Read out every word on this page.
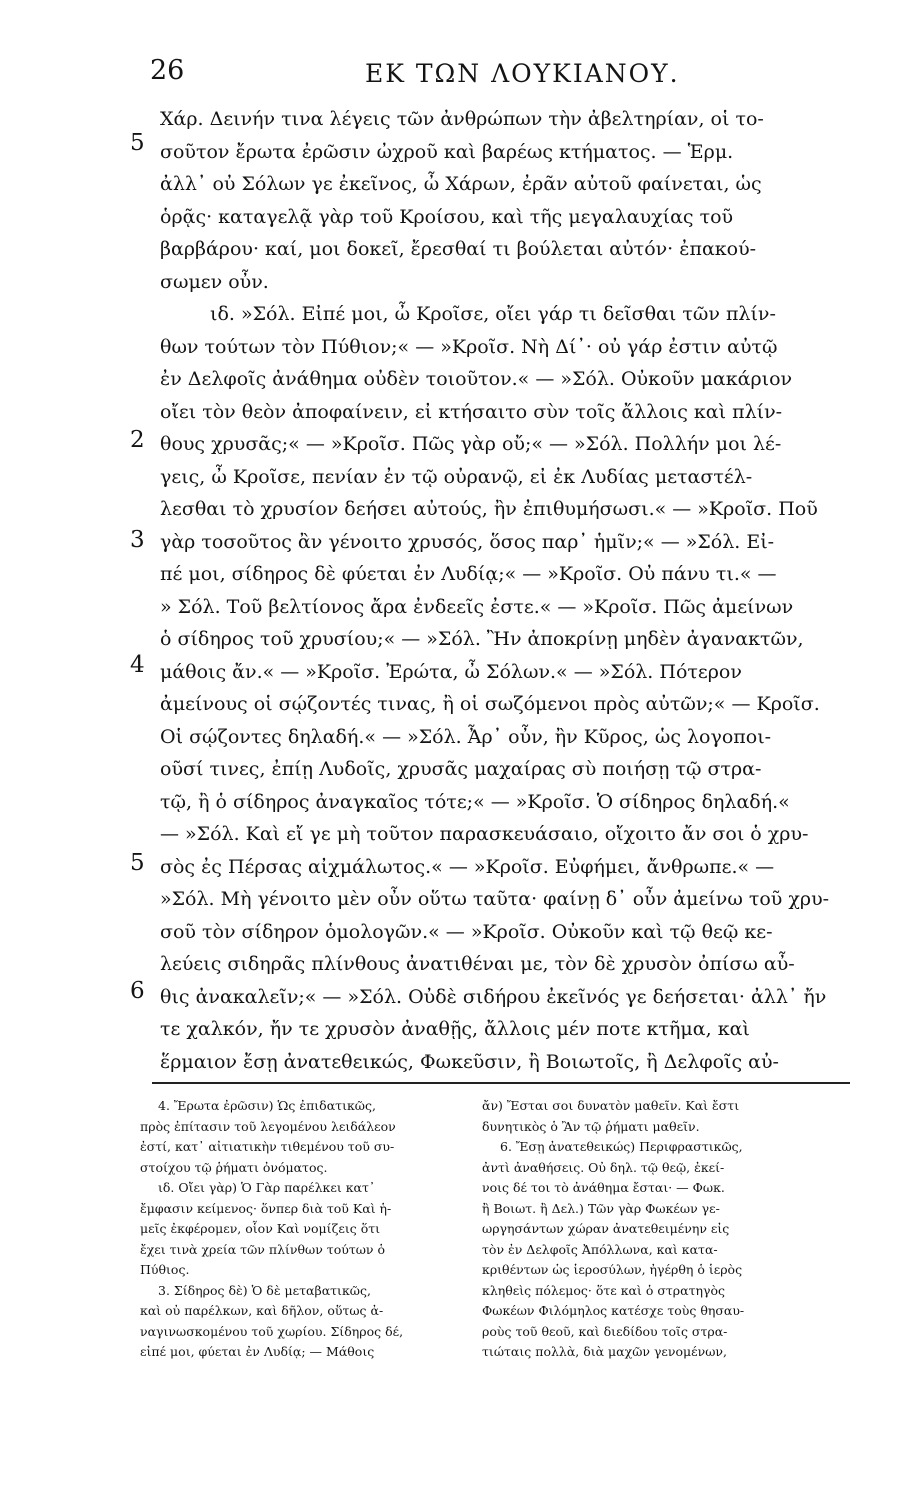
26	ΕΚ ΤΩΝ ΛΟΥΚΙΑΝΟΥ.
5
2
3
4
5
6
Χάρ. Δεινήν τινα λέγεις τῶν ἀνθρώπων τὴν ἀβελτηρίαν, οἱ το-
σοῦτον ἔρωτα ἐρῶσιν ὠχροῦ καὶ βαρέως κτήματος. — Ἑρμ.
ἀλλ᾽ οὐ Σόλων γε ἐκεῖνος, ὦ Χάρων, ἐρᾶν αὐτοῦ φαίνεται, ὡς
ὁρᾷς· καταγελᾷ γὰρ τοῦ Κροίσου, καὶ τῆς μεγαλαυχίας τοῦ
βαρβάρου· καί, μοι δοκεῖ, ἔρεσθαί τι βούλεται αὐτόν· ἐπακού-
σωμεν οὖν.
ιδ. »Σόλ. Εἰπέ μοι, ὦ Κροῖσε, οἴει γάρ τι δεῖσθαι τῶν πλίν-
θων τούτων τὸν Πύθιον;« — »Κροῖσ. Νὴ Δί᾽· οὐ γάρ ἐστιν αὐτῷ
ἐν Δελφοῖς ἀνάθημα οὐδὲν τοιοῦτον.« — »Σόλ. Οὐκοῦν μακάριον
οἴει τὸν θεὸν ἀποφαίνειν, εἰ κτήσαιτο σὺν τοῖς ἄλλοις καὶ πλίν-
θους χρυσᾶς;« — »Κροῖσ. Πῶς γὰρ οὔ;« — »Σόλ. Πολλήν μοι λέ-
γεις, ὦ Κροῖσε, πενίαν ἐν τῷ οὐρανῷ, εἰ ἐκ Λυδίας μεταστέλ-
λεσθαι τὸ χρυσίον δεήσει αὐτούς, ἢν ἐπιθυμήσωσι.« — »Κροῖσ. Ποῦ
γὰρ τοσοῦτος ἂν γένοιτο χρυσός, ὅσος παρ᾽ ἡμῖν;« — »Σόλ. Εἰ-
πέ μοι, σίδηρος δὲ φύεται ἐν Λυδίᾳ;« — »Κροῖσ. Οὐ πάνυ τι.« —
» Σόλ. Τοῦ βελτίονος ἄρα ἐνδεεῖς ἐστε.« — »Κροῖσ. Πῶς ἀμείνων
ὁ σίδηρος τοῦ χρυσίου;« — »Σόλ. Ἢν ἀποκρίνῃ μηδὲν ἀγανακτῶν,
μάθοις ἄν.« — »Κροῖσ. Ἐρώτα, ὦ Σόλων.« — »Σόλ. Πότερον
ἀμείνους οἱ σῴζοντές τινας, ἢ οἱ σωζόμενοι πρὸς αὐτῶν;« — Κροῖσ.
Οἱ σῴζοντες δηλαδή.« — »Σόλ. Ἆρ᾽ οὖν, ἢν Κῦρος, ὡς λογοποι-
οῦσί τινες, ἐπίῃ Λυδοῖς, χρυσᾶς μαχαίρας σὺ ποιήσῃ τῷ στρα-
τῷ, ἢ ὁ σίδηρος ἀναγκαῖος τότε;« — »Κροῖσ. Ὁ σίδηρος δηλαδή.«
— »Σόλ. Καὶ εἴ γε μὴ τοῦτον παρασκευάσαιο, οἴχοιτο ἄν σοι ὁ χρυ-
σὸς ἐς Πέρσας αἰχμάλωτος.« — »Κροῖσ. Εὐφήμει, ἄνθρωπε.« —
»Σόλ. Μὴ γένοιτο μὲν οὖν οὕτω ταῦτα· φαίνῃ δ᾽ οὖν ἀμείνω τοῦ χρυ-
σοῦ τὸν σίδηρον ὁμολογῶν.« — »Κροῖσ. Οὐκοῦν καὶ τῷ θεῷ κε-
λεύεις σιδηρᾶς πλίνθους ἀνατιθέναι με, τὸν δὲ χρυσὸν ὀπίσω αὖ-
θις ἀνακαλεῖν;« — »Σόλ. Οὐδὲ σιδήρου ἐκεῖνός γε δεήσεται· ἀλλ᾽ ἤν
τε χαλκόν, ἤν τε χρυσὸν ἀναθῇς, ἄλλοις μέν ποτε κτῆμα, καὶ
ἕρμαιον ἔσῃ ἀνατεθεικώς, Φωκεῦσιν, ἢ Βοιωτοῖς, ἢ Δελφοῖς αὐ-
4. Ἔρωτα ἐρῶσιν) Ὡς ἐπιδατικῶς,
πρὸς ἐπίτασιν τοῦ λεγομένου λειδάλεον
ἐστί, κατ᾽ αἰτιατικὴν τιθεμένου τοῦ συ-
στοίχου τῷ ῥήματι ὀνόματος.
ιδ. Οἴει γὰρ) Ὁ Γὰρ παρέλκει κατ᾽
ἔμφασιν κείμενος· ὅνπερ διὰ τοῦ Καὶ ἡ-
μεῖς ἐκφέρομεν, οἷον Καὶ νομίζεις ὅτι
ἔχει τινὰ χρεία τῶν πλίνθων τούτων ὁ
Πύθιος.
3. Σίδηρος δὲ) Ὁ δὲ μεταβατικῶς,
καὶ οὐ παρέλκων, καὶ δῆλον, οὕτως ἀ-
ναγινωσκομένου τοῦ χωρίου. Σίδηρος δέ,
εἰπέ μοι, φύεται ἐν Λυδίᾳ; — Μάθοις
ἄν) Ἔσται σοι δυνατὸν μαθεῖν. Καὶ ἔστι
δυνητικὸς ὁ Ἂν τῷ ῥήματι μαθεῖν.
6. Ἔσῃ ἀνατεθεικώς) Περιφραστικῶς,
ἀντὶ ἀναθήσεις. Οὐ δηλ. τῷ θεῷ, ἐκεί-
νοις δέ τοι τὸ ἀνάθημα ἔσται· — Φωκ.
ἢ Βοιωτ. ἢ Δελ.) Τῶν γὰρ Φωκέων γε-
ωργησάντων χώραν ἀνατεθειμένην εἰς
τὸν ἐν Δελφοῖς Ἀπόλλωνα, καὶ κατα-
κριθέντων ὡς ἱεροσύλων, ἠγέρθη ὁ ἱερὸς
κληθεὶς πόλεμος· ὅτε καὶ ὁ στρατηγὸς
Φωκέων Φιλόμηλος κατέσχε τοὺς θησαυ-
ροὺς τοῦ θεοῦ, καὶ διεδίδου τοῖς στρα-
τιώταις πολλὰ, διὰ μαχῶν γενομένων,
